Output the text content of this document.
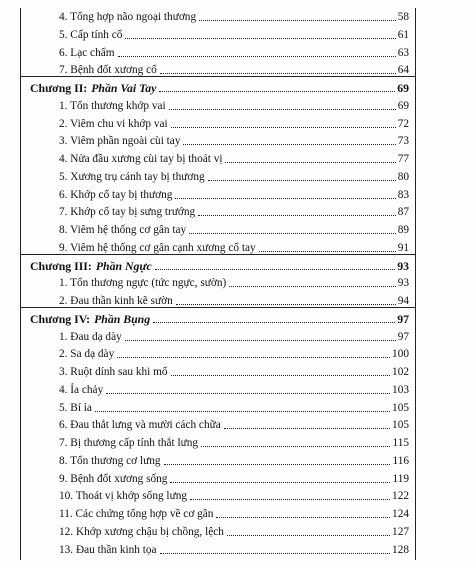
4. Tổng hợp não ngoại thương	58
5. Cấp tính cổ	61
6. Lạc chẩm	63
7. Bệnh đốt xương cổ	64
Chương II: Phần Vai Tay	69
1. Tổn thương khớp vai	69
2. Viêm chu vi khớp vai	72
3. Viêm phần ngoài cùi tay	73
4. Nửa đầu xương cùi tay bị thoát vị	77
5. Xương trụ cánh tay bị thương	80
6. Khớp cổ tay bị thương	83
7. Khớp cổ tay bị sưng trướng	87
8. Viêm hệ thống cơ gân tay	89
9. Viêm hệ thống cơ gân cạnh xương cổ tay	91
Chương III: Phần Ngực	93
1. Tổn thương ngực (tức ngực, sườn)	93
2. Đau thần kinh kẽ sườn	94
Chương IV: Phần Bụng	97
1. Đau dạ dày	97
2. Sa dạ dày	100
3. Ruột dính sau khi mổ	102
4. Ỉa chảy	103
5. Bí ỉa	105
6. Đau thắt lưng và mười cách chữa	105
7. Bị thương cấp tính thắt lưng	115
8. Tổn thương cơ lưng	116
9. Bệnh đốt xương sống	119
10. Thoát vị khớp sống lưng	122
11. Các chứng tổng hợp về cơ gân	124
12. Khớp xương chậu bị chồng, lệch	127
13. Đau thần kinh tọa	128
